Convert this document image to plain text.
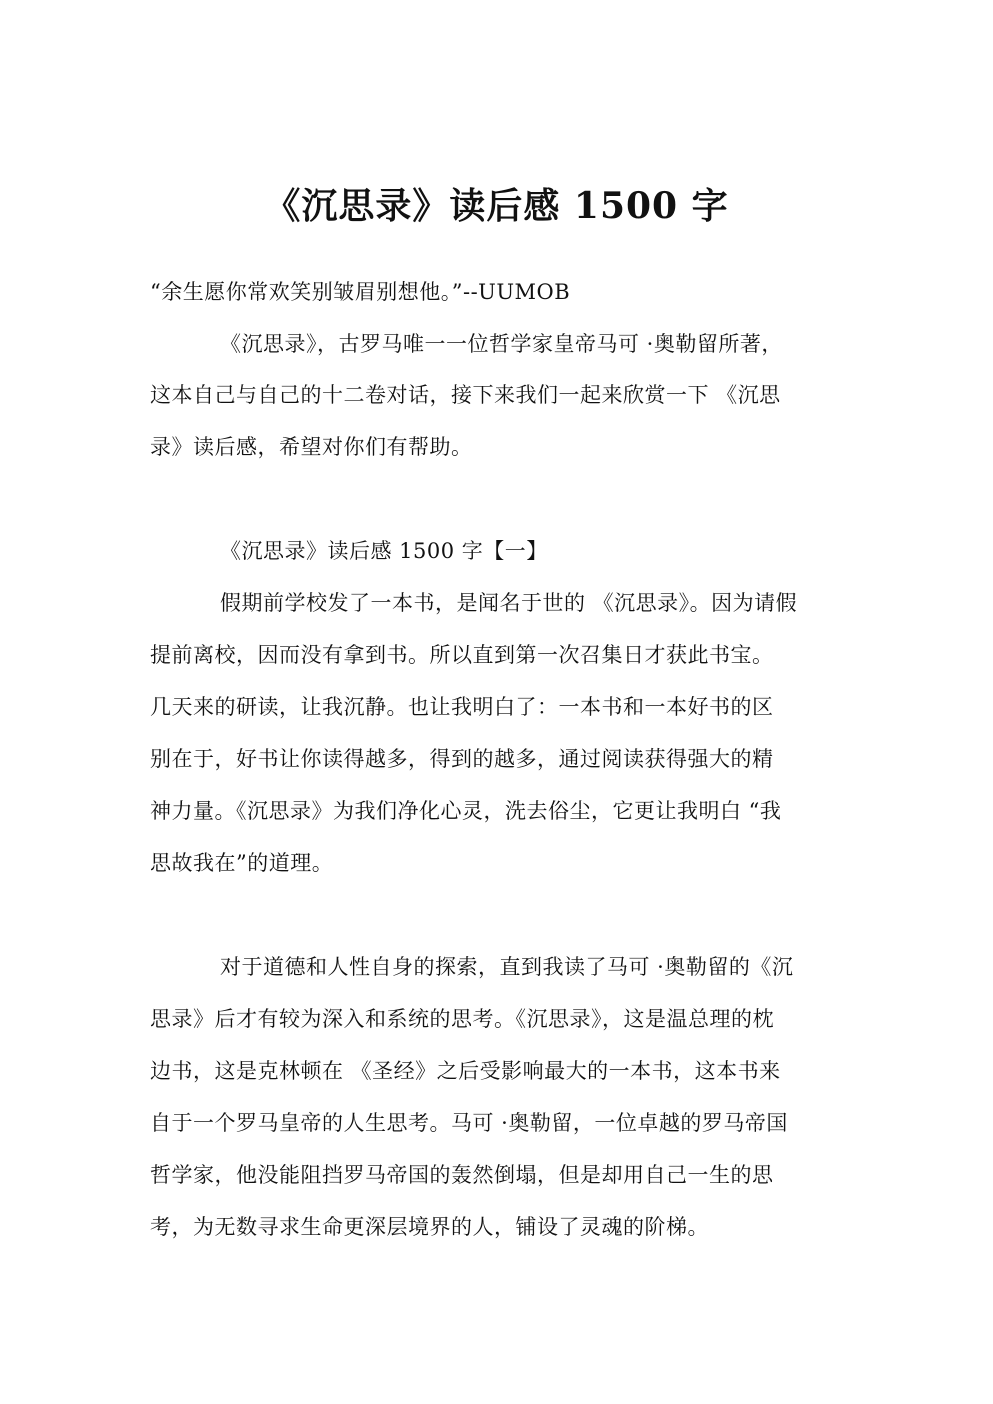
《沉思录》读后感 1500 字
“余生愿你常欢笑别皱眉别想他。”--UUMOB
《沉思录》，古罗马唯一一位哲学家皇帝马可 ·奥勒留所著，
这本自己与自己的十二卷对话，接下来我们一起来欣赏一下 《沉思
录》读后感，希望对你们有帮助。
《沉思录》读后感 1500 字【一】
假期前学校发了一本书，是闻名于世的 《沉思录》。因为请假
提前离校，因而没有拿到书。所以直到第一次召集日才获此书宝。
几天来的研读，让我沉静。也让我明白了：一本书和一本好书的区
别在于，好书让你读得越多，得到的越多，通过阅读获得强大的精
神力量。《沉思录》为我们净化心灵，洗去俗尘，它更让我明白 “我
思故我在”的道理。
对于道德和人性自身的探索，直到我读了马可 ·奥勒留的《沉
思录》后才有较为深入和系统的思考。《沉思录》，这是温总理的枕
边书，这是克林顿在 《圣经》之后受影响最大的一本书，这本书来
自于一个罗马皇帝的人生思考。马可 ·奥勒留，一位卓越的罗马帝国
哲学家，他没能阻挡罗马帝国的轰然倒塌，但是却用自己一生的思
考，为无数寻求生命更深层境界的人，铺设了灵魂的阶梯。
